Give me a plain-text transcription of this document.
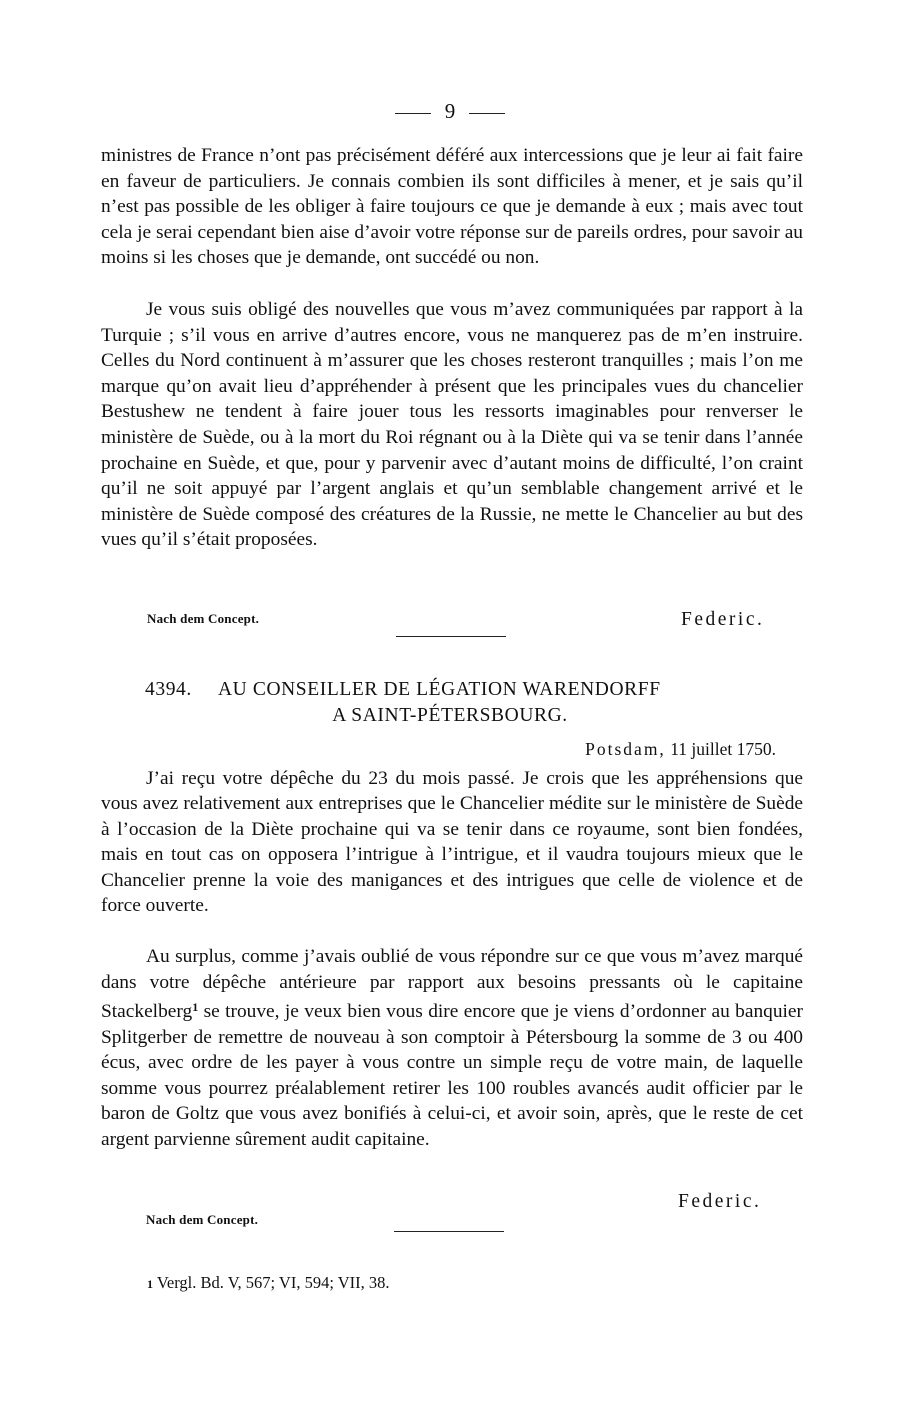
9

ministres de France n’ont pas précisément déféré aux intercessions que je leur ai fait faire en faveur de particuliers. Je connais combien ils sont difficiles à mener, et je sais qu’il n’est pas possible de les obliger à faire toujours ce que je demande à eux ; mais avec tout cela je serai cependant bien aise d’avoir votre réponse sur de pareils ordres, pour savoir au moins si les choses que je demande, ont succédé ou non.

Je vous suis obligé des nouvelles que vous m’avez communiquées par rapport à la Turquie ; s’il vous en arrive d’autres encore, vous ne manquerez pas de m’en instruire. Celles du Nord continuent à m’assurer que les choses resteront tranquilles ; mais l’on me marque qu’on avait lieu d’appréhender à présent que les principales vues du chancelier Bestushew ne tendent à faire jouer tous les ressorts imaginables pour renverser le ministère de Suède, ou à la mort du Roi régnant ou à la Diète qui va se tenir dans l’année prochaine en Suède, et que, pour y parvenir avec d’autant moins de difficulté, l’on craint qu’il ne soit appuyé par l’argent anglais et qu’un semblable changement arrivé et le ministère de Suède composé des créatures de la Russie, ne mette le Chancelier au but des vues qu’il s’était proposées.

Nach dem Concept.	Federic.
4394. AU CONSEILLER DE LÉGATION WARENDORFF
A SAINT-PÉTERSBOURG.
Potsdam, 11 juillet 1750.

J’ai reçu votre dépêche du 23 du mois passé. Je crois que les appréhensions que vous avez relativement aux entreprises que le Chancelier médite sur le ministère de Suède à l’occasion de la Diète prochaine qui va se tenir dans ce royaume, sont bien fondées, mais en tout cas on opposera l’intrigue à l’intrigue, et il vaudra toujours mieux que le Chancelier prenne la voie des manigances et des intrigues que celle de violence et de force ouverte.

Au surplus, comme j’avais oublié de vous répondre sur ce que vous m’avez marqué dans votre dépêche antérieure par rapport aux besoins pressants où le capitaine Stackelberg$^1$ se trouve, je veux bien vous dire encore que je viens d’ordonner au banquier Splitgerber de remettre de nouveau à son comptoir à Pétersbourg la somme de 3 ou 400 écus, avec ordre de les payer à vous contre un simple reçu de votre main, de laquelle somme vous pourrez préalablement retirer les 100 roubles avancés audit officier par le baron de Goltz que vous avez bonifiés à celui-ci, et avoir soin, après, que le reste de cet argent parvienne sûrement audit capitaine.

Nach dem Concept.
Federic.
1 Vergl. Bd. V, 567; VI, 594; VII, 38.
